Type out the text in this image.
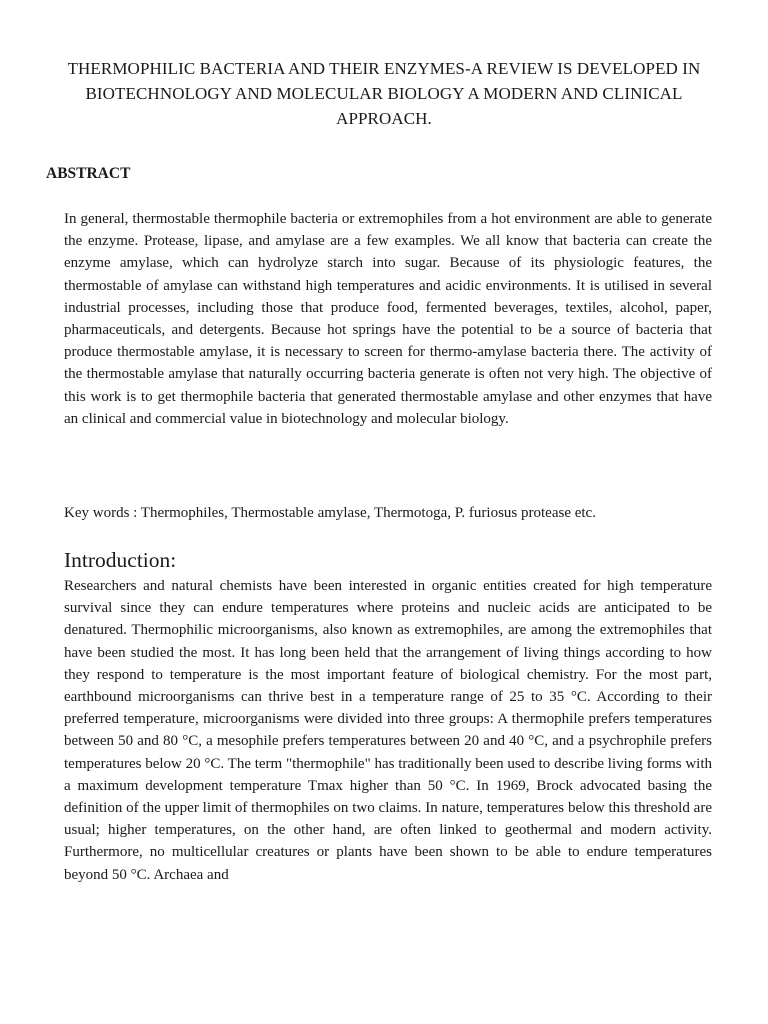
THERMOPHILIC BACTERIA AND THEIR ENZYMES-A REVIEW IS DEVELOPED IN BIOTECHNOLOGY AND MOLECULAR BIOLOGY A MODERN AND CLINICAL APPROACH.
ABSTRACT

In general, thermostable thermophile bacteria or extremophiles from a hot environment are able to generate the enzyme. Protease, lipase, and amylase are a few examples. We all know that bacteria can create the enzyme amylase, which can hydrolyze starch into sugar. Because of its physiologic features, the thermostable of amylase can withstand high temperatures and acidic environments. It is utilised in several industrial processes, including those that produce food, fermented beverages, textiles, alcohol, paper, pharmaceuticals, and detergents. Because hot springs have the potential to be a source of bacteria that produce thermostable amylase, it is necessary to screen for thermo-amylase bacteria there. The activity of the thermostable amylase that naturally occurring bacteria generate is often not very high. The objective of this work is to get thermophile bacteria that generated thermostable amylase and other enzymes that have an clinical and commercial value in biotechnology and molecular biology.

Key words : Thermophiles, Thermostable amylase, Thermotoga, P. furiosus protease etc.

Introduction:

Researchers and natural chemists have been interested in organic entities created for high temperature survival since they can endure temperatures where proteins and nucleic acids are anticipated to be denatured. Thermophilic microorganisms, also known as extremophiles, are among the extremophiles that have been studied the most. It has long been held that the arrangement of living things according to how they respond to temperature is the most important feature of biological chemistry. For the most part, earthbound microorganisms can thrive best in a temperature range of 25 to 35 °C. According to their preferred temperature, microorganisms were divided into three groups: A thermophile prefers temperatures between 50 and 80 °C, a mesophile prefers temperatures between 20 and 40 °C, and a psychrophile prefers temperatures below 20 °C. The term "thermophile" has traditionally been used to describe living forms with a maximum development temperature Tmax higher than 50 °C. In 1969, Brock advocated basing the definition of the upper limit of thermophiles on two claims. In nature, temperatures below this threshold are usual; higher temperatures, on the other hand, are often linked to geothermal and modern activity. Furthermore, no multicellular creatures or plants have been shown to be able to endure temperatures beyond 50 °C. Archaea and
